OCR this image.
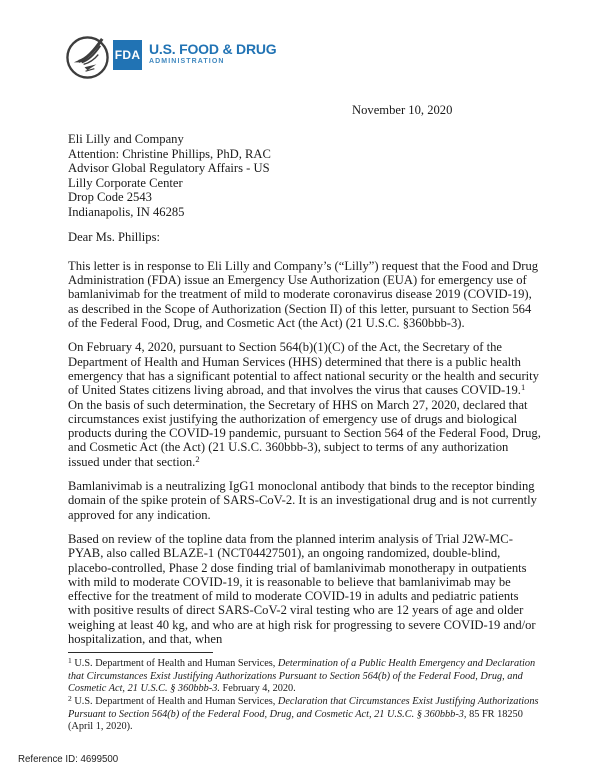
FDA U.S. FOOD & DRUG
ADMINISTRATION
November 10, 2020
Eli Lilly and Company
Attention: Christine Phillips, PhD, RAC
Advisor Global Regulatory Affairs - US
Lilly Corporate Center
Drop Code 2543
Indianapolis, IN 46285
Dear Ms. Phillips:

This letter is in response to Eli Lilly and Company’s (“Lilly”) request that the Food and Drug Administration (FDA) issue an Emergency Use Authorization (EUA) for emergency use of bamlanivimab for the treatment of mild to moderate coronavirus disease 2019 (COVID-19), as described in the Scope of Authorization (Section II) of this letter, pursuant to Section 564 of the Federal Food, Drug, and Cosmetic Act (the Act) (21 U.S.C. §360bbb-3).

On February 4, 2020, pursuant to Section 564(b)(1)(C) of the Act, the Secretary of the Department of Health and Human Services (HHS) determined that there is a public health emergency that has a significant potential to affect national security or the health and security of United States citizens living abroad, and that involves the virus that causes COVID-19.$^1$ On the basis of such determination, the Secretary of HHS on March 27, 2020, declared that circumstances exist justifying the authorization of emergency use of drugs and biological products during the COVID-19 pandemic, pursuant to Section 564 of the Federal Food, Drug, and Cosmetic Act (the Act) (21 U.S.C. 360bbb-3), subject to terms of any authorization issued under that section.$^2$

Bamlanivimab is a neutralizing IgG1 monoclonal antibody that binds to the receptor binding domain of the spike protein of SARS-CoV-2. It is an investigational drug and is not currently approved for any indication.

Based on review of the topline data from the planned interim analysis of Trial J2W-MC-PYAB, also called BLAZE-1 (NCT04427501), an ongoing randomized, double-blind, placebo-controlled, Phase 2 dose finding trial of bamlanivimab monotherapy in outpatients with mild to moderate COVID-19, it is reasonable to believe that bamlanivimab may be effective for the treatment of mild to moderate COVID-19 in adults and pediatric patients with positive results of direct SARS-CoV-2 viral testing who are 12 years of age and older weighing at least 40 kg, and who are at high risk for progressing to severe COVID-19 and/or hospitalization, and that, when

$^1$ U.S. Department of Health and Human Services, Determination of a Public Health Emergency and Declaration that Circumstances Exist Justifying Authorizations Pursuant to Section 564(b) of the Federal Food, Drug, and Cosmetic Act, 21 U.S.C. § 360bbb-3. February 4, 2020.
$^2$ U.S. Department of Health and Human Services, Declaration that Circumstances Exist Justifying Authorizations Pursuant to Section 564(b) of the Federal Food, Drug, and Cosmetic Act, 21 U.S.C. § 360bbb-3, 85 FR 18250 (April 1, 2020).
Reference ID: 4699500
